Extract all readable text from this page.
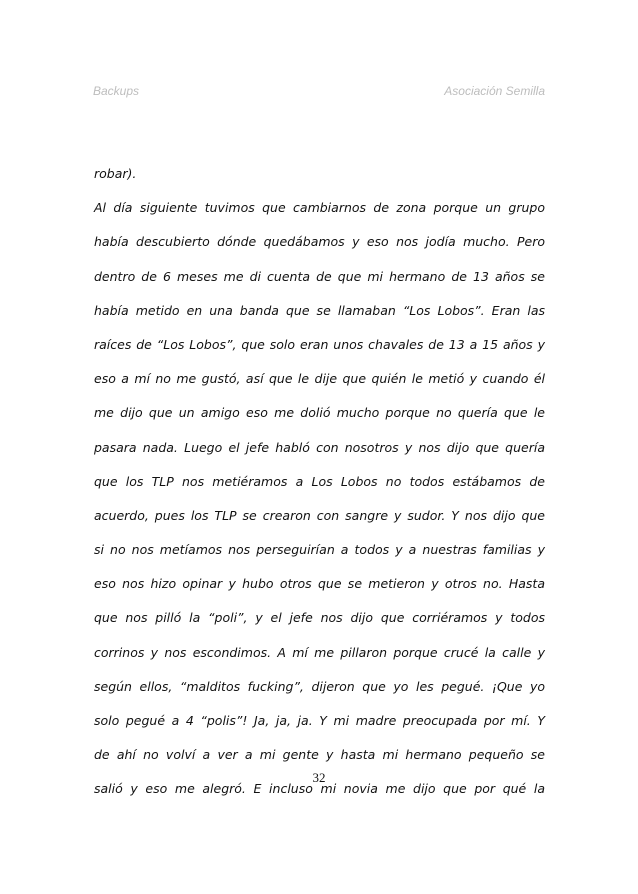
Backups	Asociación Semilla
robar).
Al día siguiente tuvimos que cambiarnos de zona porque un grupo
había descubierto dónde quedábamos y eso nos jodía mucho. Pero
dentro de 6 meses me di cuenta de que mi hermano de 13 años se
había metido en una banda que se llamaban “Los Lobos”. Eran las
raíces de “Los Lobos”, que solo eran unos chavales de 13 a 15 años y
eso a mí no me gustó, así que le dije que quién le metió y cuando él
me dijo que un amigo eso me dolió mucho porque no quería que le
pasara nada. Luego el jefe habló con nosotros y nos dijo que quería
que los TLP nos metiéramos a Los Lobos no todos estábamos de
acuerdo, pues los TLP se crearon con sangre y sudor. Y nos dijo que
si no nos metíamos nos perseguirían a todos y a nuestras familias y
eso nos hizo opinar y hubo otros que se metieron y otros no. Hasta
que nos pilló la “poli”, y el jefe nos dijo que corriéramos y todos
corrinos y nos escondimos. A mí me pillaron porque crucé la calle y
según ellos, “malditos fucking”, dijeron que yo les pegué. ¡Que yo
solo pegué a 4 “polis”! Ja, ja, ja. Y mi madre preocupada por mí. Y
de ahí no volví a ver a mi gente y hasta mi hermano pequeño se
salió y eso me alegró. E incluso mi novia me dijo que por qué la
32
